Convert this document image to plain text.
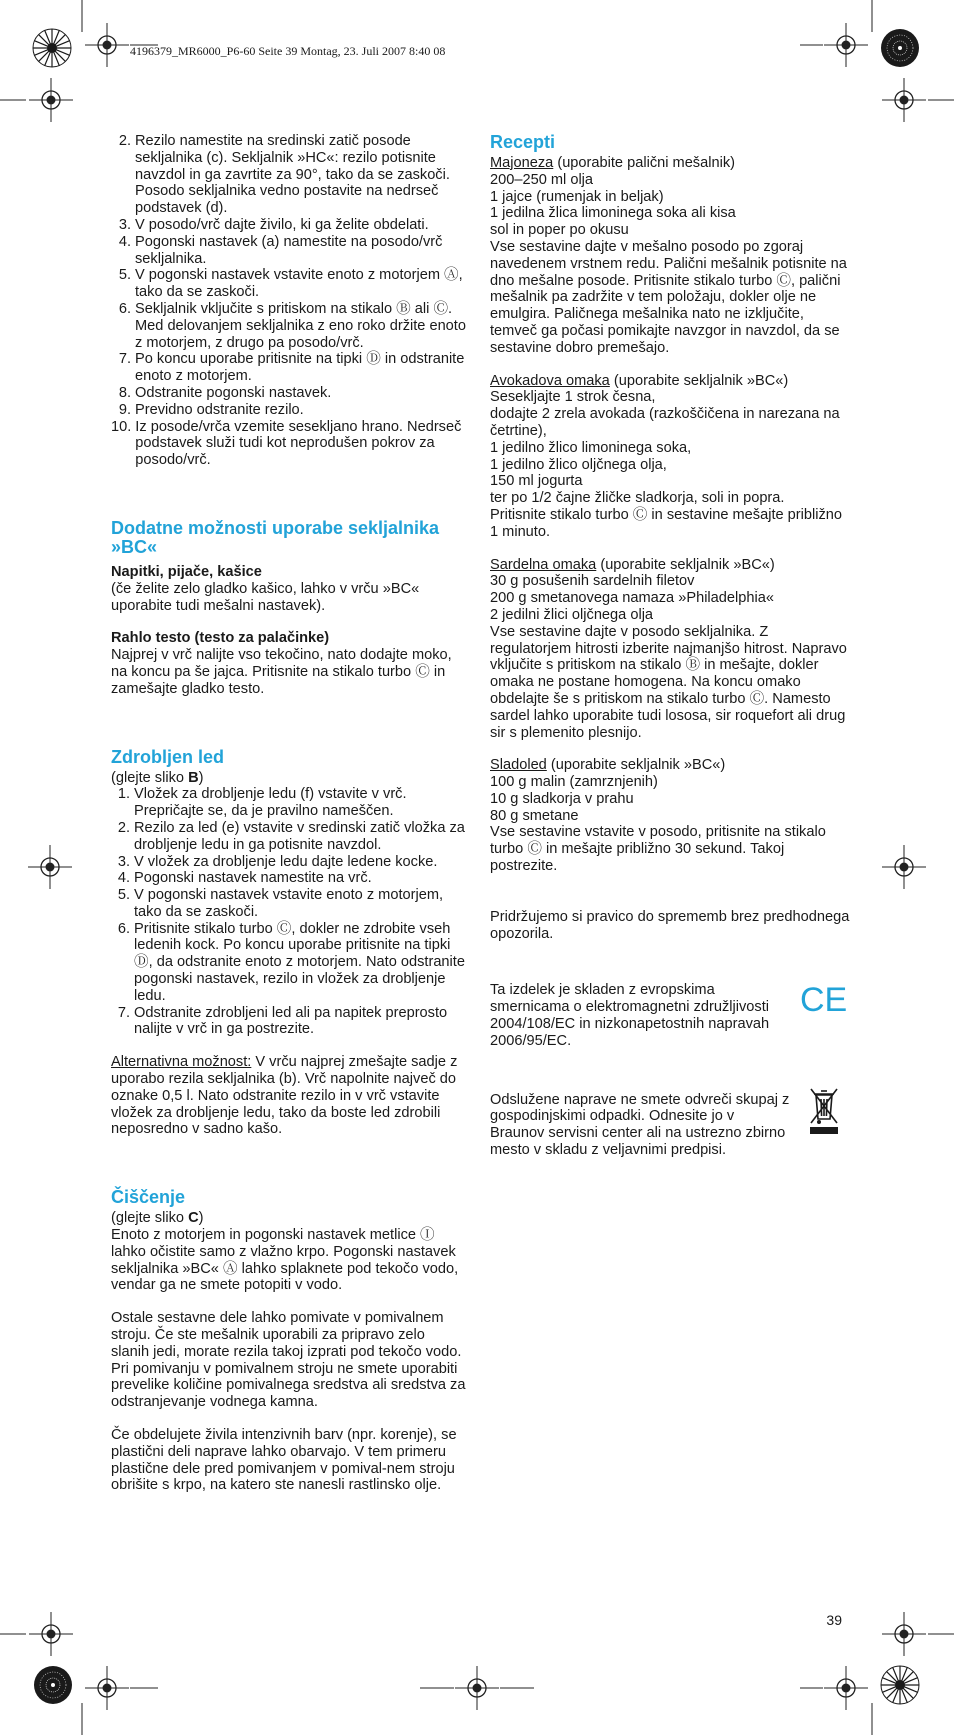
4196379_MR6000_P6-60 Seite 39 Montag, 23. Juli 2007 8:40 08
2. Rezilo namestite na sredinski zatič posode sekljalnika (c). Sekljalnik »HC«: rezilo potisnite navzdol in ga zavrtite za 90°, tako da se zaskoči. Posodo sekljalnika vedno postavite na nedrseč podstavek (d).
3. V posodo/vrč dajte živilo, ki ga želite obdelati.
4. Pogonski nastavek (a) namestite na posodo/vrč sekljalnika.
5. V pogonski nastavek vstavite enoto z motorjem Ⓐ, tako da se zaskoči.
6. Sekljalnik vključite s pritiskom na stikalo Ⓑ ali Ⓒ. Med delovanjem sekljalnika z eno roko držite enoto z motorjem, z drugo pa posodo/vrč.
7. Po koncu uporabe pritisnite na tipki Ⓓ in odstranite enoto z motorjem.
8. Odstranite pogonski nastavek.
9. Previdno odstranite rezilo.
10. Iz posode/vrča vzemite sesekljano hrano. Nedrseč podstavek služi tudi kot neprodušen pokrov za posodo/vrč.
Dodatne možnosti uporabe sekljalnika »BC«

Napitki, pijače, kašice

(če želite zelo gladko kašico, lahko v vrču »BC« uporabite tudi mešalni nastavek).

Rahlo testo (testo za palačinke)

Najprej v vrč nalijte vso tekočino, nato dodajte moko, na koncu pa še jajca. Pritisnite na stikalo turbo Ⓒ in zamešajte gladko testo.

Zdrobljen led

(glejte sliko B)

1. Vložek za drobljenje ledu (f) vstavite v vrč. Prepričajte se, da je pravilno nameščen.
2. Rezilo za led (e) vstavite v sredinski zatič vložka za drobljenje ledu in ga potisnite navzdol.
3. V vložek za drobljenje ledu dajte ledene kocke.
4. Pogonski nastavek namestite na vrč.
5. V pogonski nastavek vstavite enoto z motorjem, tako da se zaskoči.
6. Pritisnite stikalo turbo Ⓒ, dokler ne zdrobite vseh ledenih kock. Po koncu uporabe pritisnite na tipki Ⓓ, da odstranite enoto z motorjem. Nato odstranite pogonski nastavek, rezilo in vložek za drobljenje ledu.
7. Odstranite zdrobljeni led ali pa napitek preprosto nalijte v vrč in ga postrezite.

Alternativna možnost: V vrču najprej zmešajte sadje z uporabo rezila sekljalnika (b). Vrč napolnite največ do oznake 0,5 l. Nato odstranite rezilo in v vrč vstavite vložek za drobljenje ledu, tako da boste led zdrobili neposredno v sadno kašo.

Čiščenje

(glejte sliko C)

Enoto z motorjem in pogonski nastavek metlice Ⓘ lahko očistite samo z vlažno krpo. Pogonski nastavek sekljalnika »BC« Ⓐ lahko splaknete pod tekočo vodo, vendar ga ne smete potopiti v vodo.

Ostale sestavne dele lahko pomivate v pomivalnem stroju. Če ste mešalnik uporabili za pripravo zelo slanih jedi, morate rezila takoj izprati pod tekočo vodo. Pri pomivanju v pomivalnem stroju ne smete uporabiti prevelike količine pomivalnega sredstva ali sredstva za odstranjevanje vodnega kamna.

Če obdelujete živila intenzivnih barv (npr. korenje), se plastični deli naprave lahko obarvajo. V tem primeru plastične dele pred pomivanjem v pomival-nem stroju obrišite s krpo, na katero ste nanesli rastlinsko olje.

Recepti

Majoneza (uporabite palični mešalnik)

200–250 ml olja

1 jajce (rumenjak in beljak)

1 jedilna žlica limoninega soka ali kisa

sol in poper po okusu

Vse sestavine dajte v mešalno posodo po zgoraj navedenem vrstnem redu. Palični mešalnik potisnite na dno mešalne posode. Pritisnite stikalo turbo Ⓒ, palični mešalnik pa zadržite v tem položaju, dokler olje ne emulgira. Paličnega mešalnika nato ne izključite, temveč ga počasi pomikajte navzgor in navzdol, da se sestavine dobro premešajo.

Avokadova omaka (uporabite sekljalnik »BC«)

Sesekljajte 1 strok česna,

dodajte 2 zrela avokada (razkoščičena in narezana na četrtine),

1 jedilno žlico limoninega soka,

1 jedilno žlico oljčnega olja,

150 ml jogurta

ter po 1/2 čajne žličke sladkorja, soli in popra.

Pritisnite stikalo turbo Ⓒ in sestavine mešajte približno 1 minuto.

Sardelna omaka (uporabite sekljalnik »BC«)

30 g posušenih sardelnih filetov

200 g smetanovega namaza »Philadelphia«

2 jedilni žlici oljčnega olja

Vse sestavine dajte v posodo sekljalnika. Z regulatorjem hitrosti izberite najmanjšo hitrost. Napravo vključite s pritiskom na stikalo Ⓑ in mešajte, dokler omaka ne postane homogena. Na koncu omako obdelajte še s pritiskom na stikalo turbo Ⓒ. Namesto sardel lahko uporabite tudi lososa, sir roquefort ali drug sir s plemenito plesnijo.

Sladoled (uporabite sekljalnik »BC«)

100 g malin (zamrznjenih)

10 g sladkorja v prahu

80 g smetane

Vse sestavine vstavite v posodo, pritisnite na stikalo turbo Ⓒ in mešajte približno 30 sekund. Takoj postrezite.

Pridržujemo si pravico do sprememb brez predhodnega opozorila.

Ta izdelek je skladen z evropskima smernicama o elektromagnetni združljivosti 2004/108/EC in nizkonapetostnih napravah 2006/95/EC.

Odslužene naprave ne smete odvreči skupaj z gospodinjskimi odpadki. Odnesite jo v Braunov servisni center ali na ustrezno zbirno mesto v skladu z veljavnimi predpisi.

CE
39
